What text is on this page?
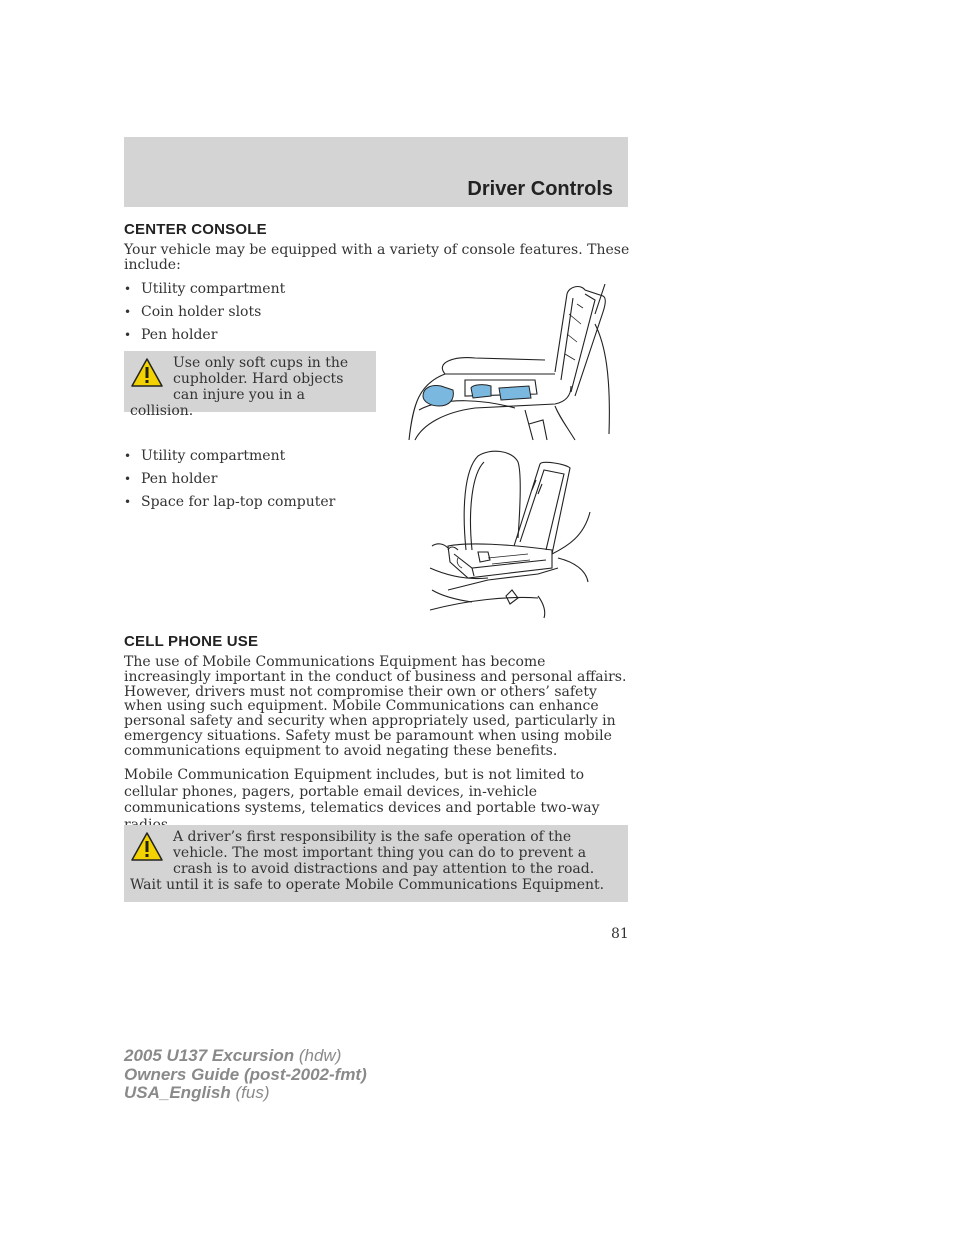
Driver Controls
CENTER CONSOLE
Your vehicle may be equipped with a variety of console features. These include:
• Utility compartment
• Coin holder slots
• Pen holder
Use only soft cups in the cupholder. Hard objects can injure you in a collision.
• Utility compartment
• Pen holder
• Space for lap-top computer
CELL PHONE USE
The use of Mobile Communications Equipment has become increasingly important in the conduct of business and personal affairs. However, drivers must not compromise their own or others’ safety when using such equipment. Mobile Communications can enhance personal safety and security when appropriately used, particularly in emergency situations. Safety must be paramount when using mobile communications equipment to avoid negating these benefits.
Mobile Communication Equipment includes, but is not limited to cellular phones, pagers, portable email devices, in-vehicle communications systems, telematics devices and portable two-way
A driver’s first responsibility is the safe operation of the vehicle. The most important thing you can do to prevent a crash is to avoid distractions and pay attention to the road. Wait until it is safe to operate Mobile Communications Equipment.
81
2005 U137 Excursion (hdw)
Owners Guide (post-2002-fmt)
USA_English (fus)
